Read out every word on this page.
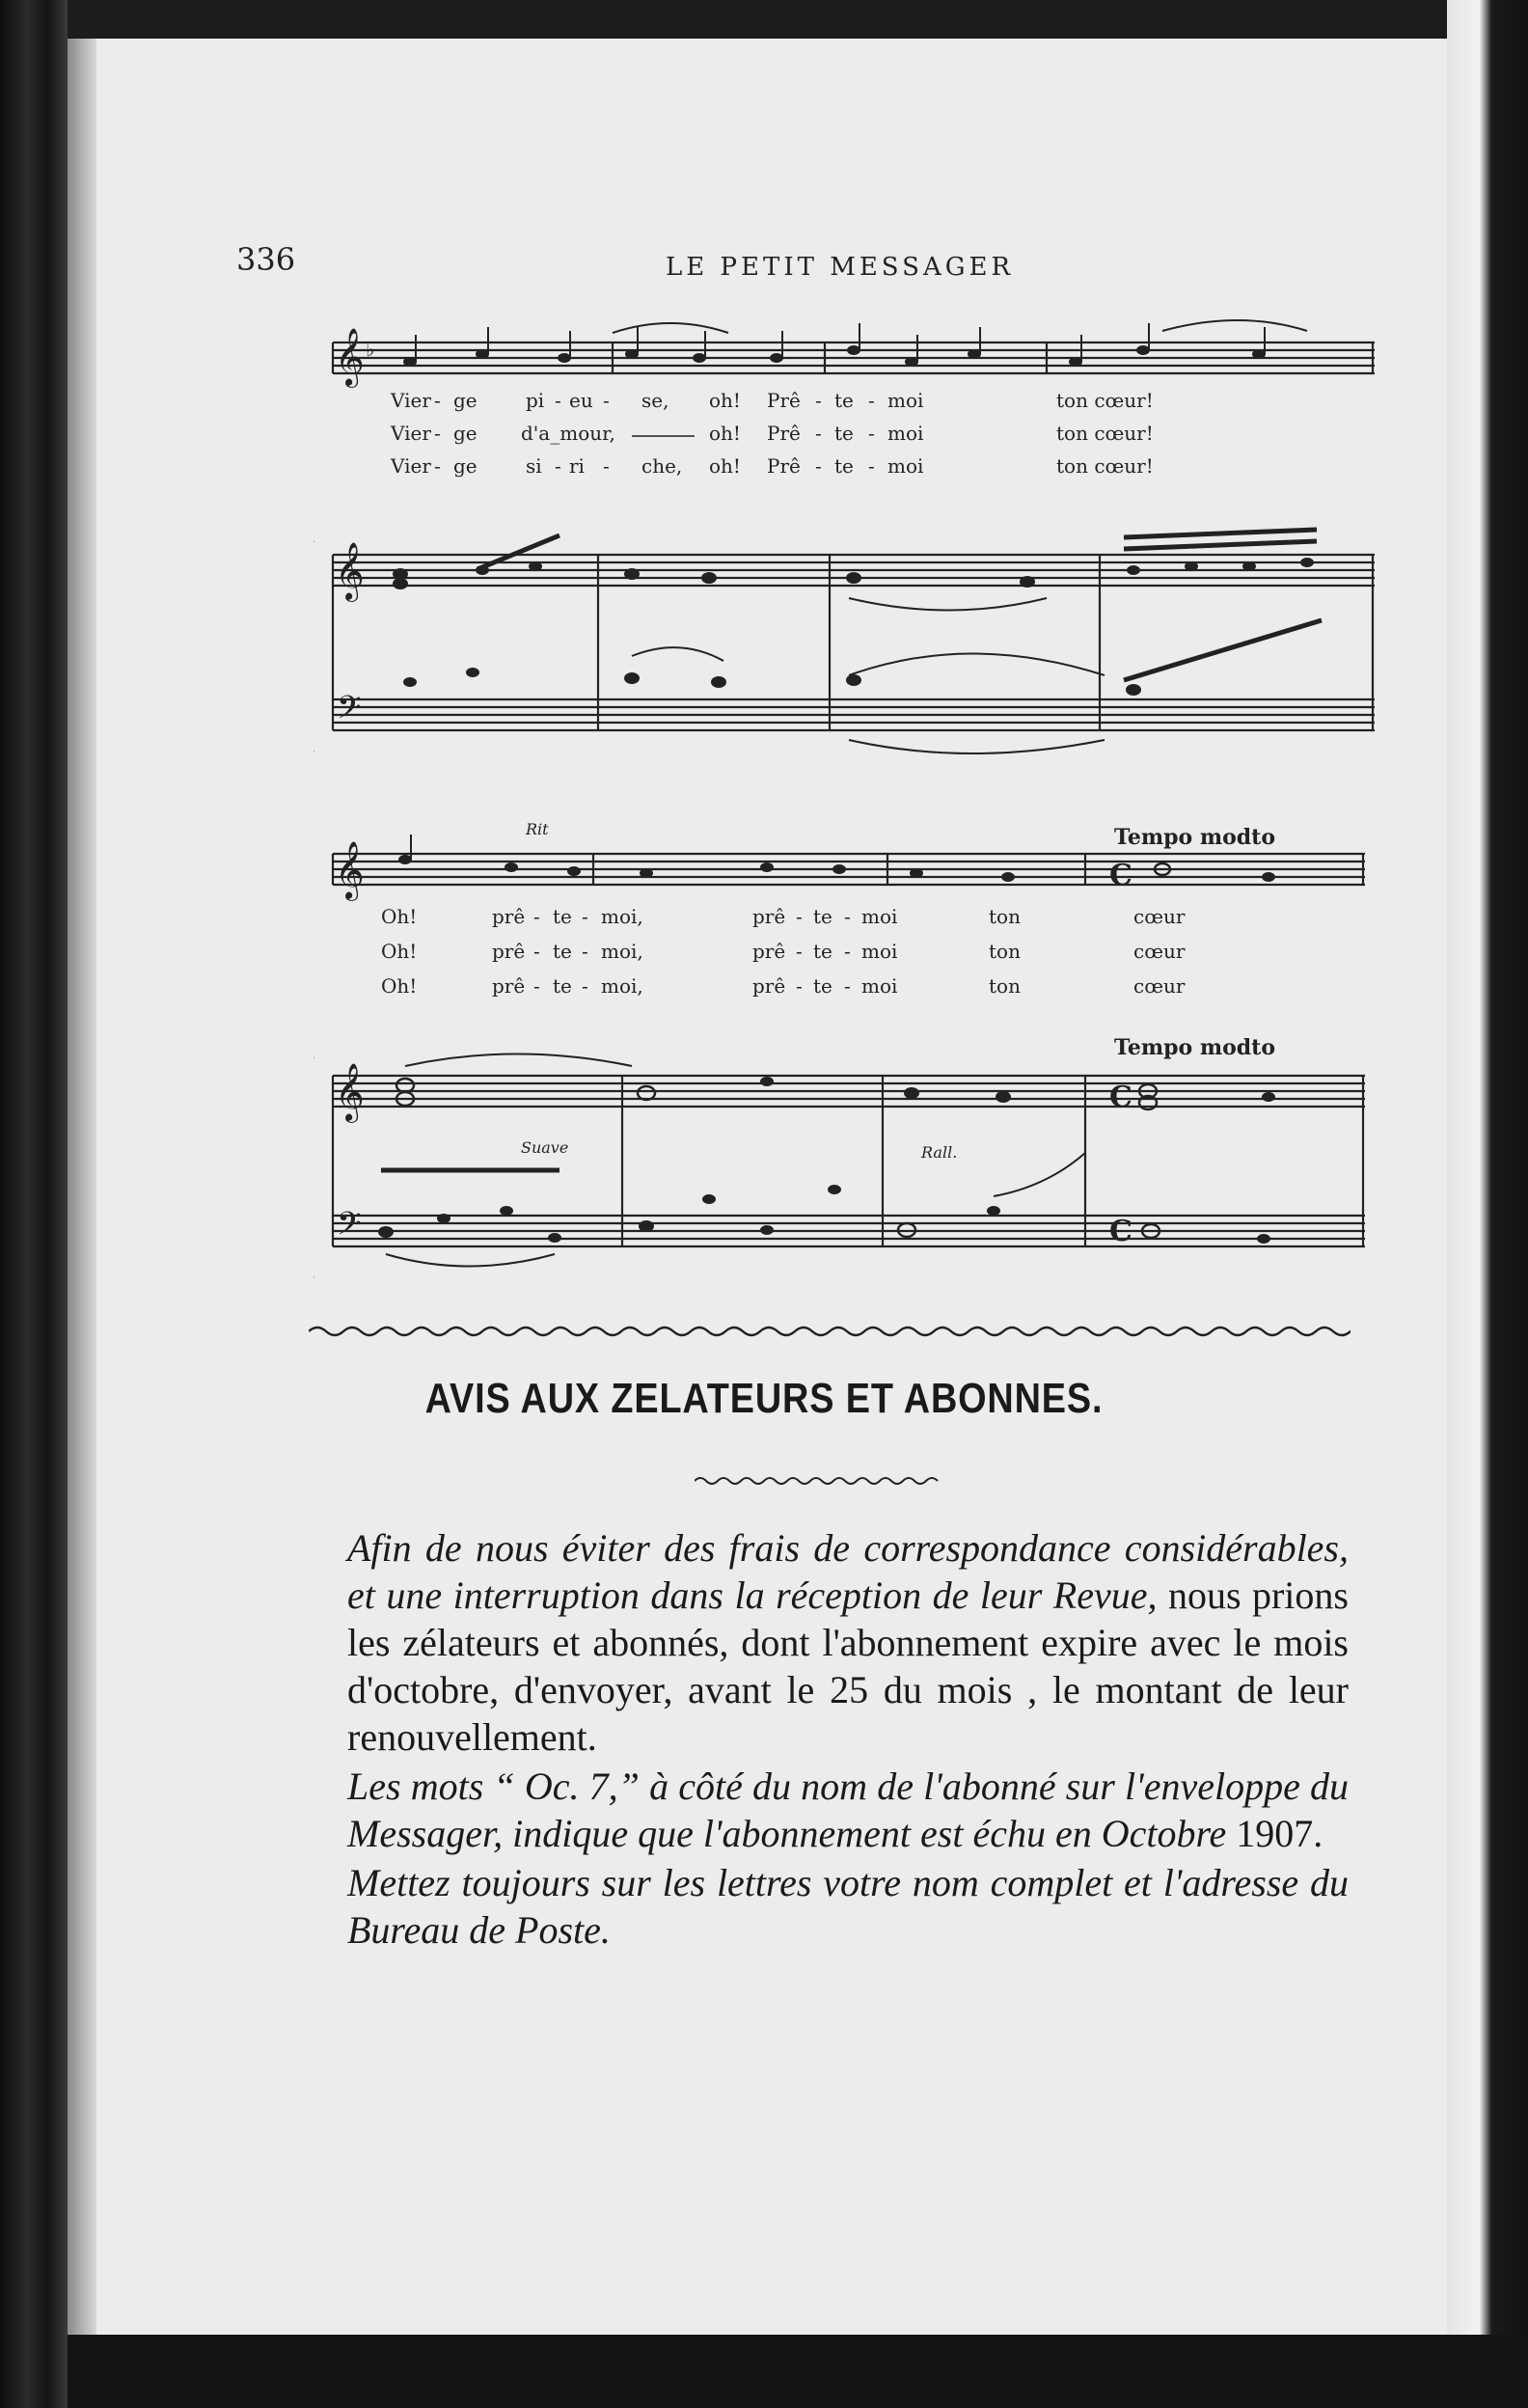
336	LE PETIT MESSAGER
𝄞 ♭
Vier - ge	pi - eu - se, oh! Prê - te - moi	ton cœur!
Vier - ge d'a_mour,	oh! Prê - te - moi	ton cœur!
Vier - ge	si - ri - che, oh! Prê - te - moi	ton cœur!
𝄞
𝄢
Rit	Tempo modto
𝄞	C
Oh!	prê - te - moi,	prê - te - moi	ton	cœur
Oh!	prê - te - moi,	prê - te - moi	ton	cœur
Oh!	prê - te - moi,	prê - te - moi	ton	cœur
Tempo modto
𝄞
𝄢
C
Suave	Rall.
C
AVIS AUX ZELATEURS ET ABONNES.

Afin de nous éviter des frais de correspondance considérables, et une interruption dans la réception de leur Revue, nous prions les zélateurs et abonnés, dont l'abonnement expire avec le mois d'octobre, d'envoyer, avant le 25 du mois , le montant de leur renouvellement.

Les mots “ Oc. 7,” à côté du nom de l'abonné sur l'enveloppe du Messager, indique que l'abonnement est échu en Octobre 1907.

Mettez toujours sur les lettres votre nom complet et l'adresse du Bureau de Poste.
